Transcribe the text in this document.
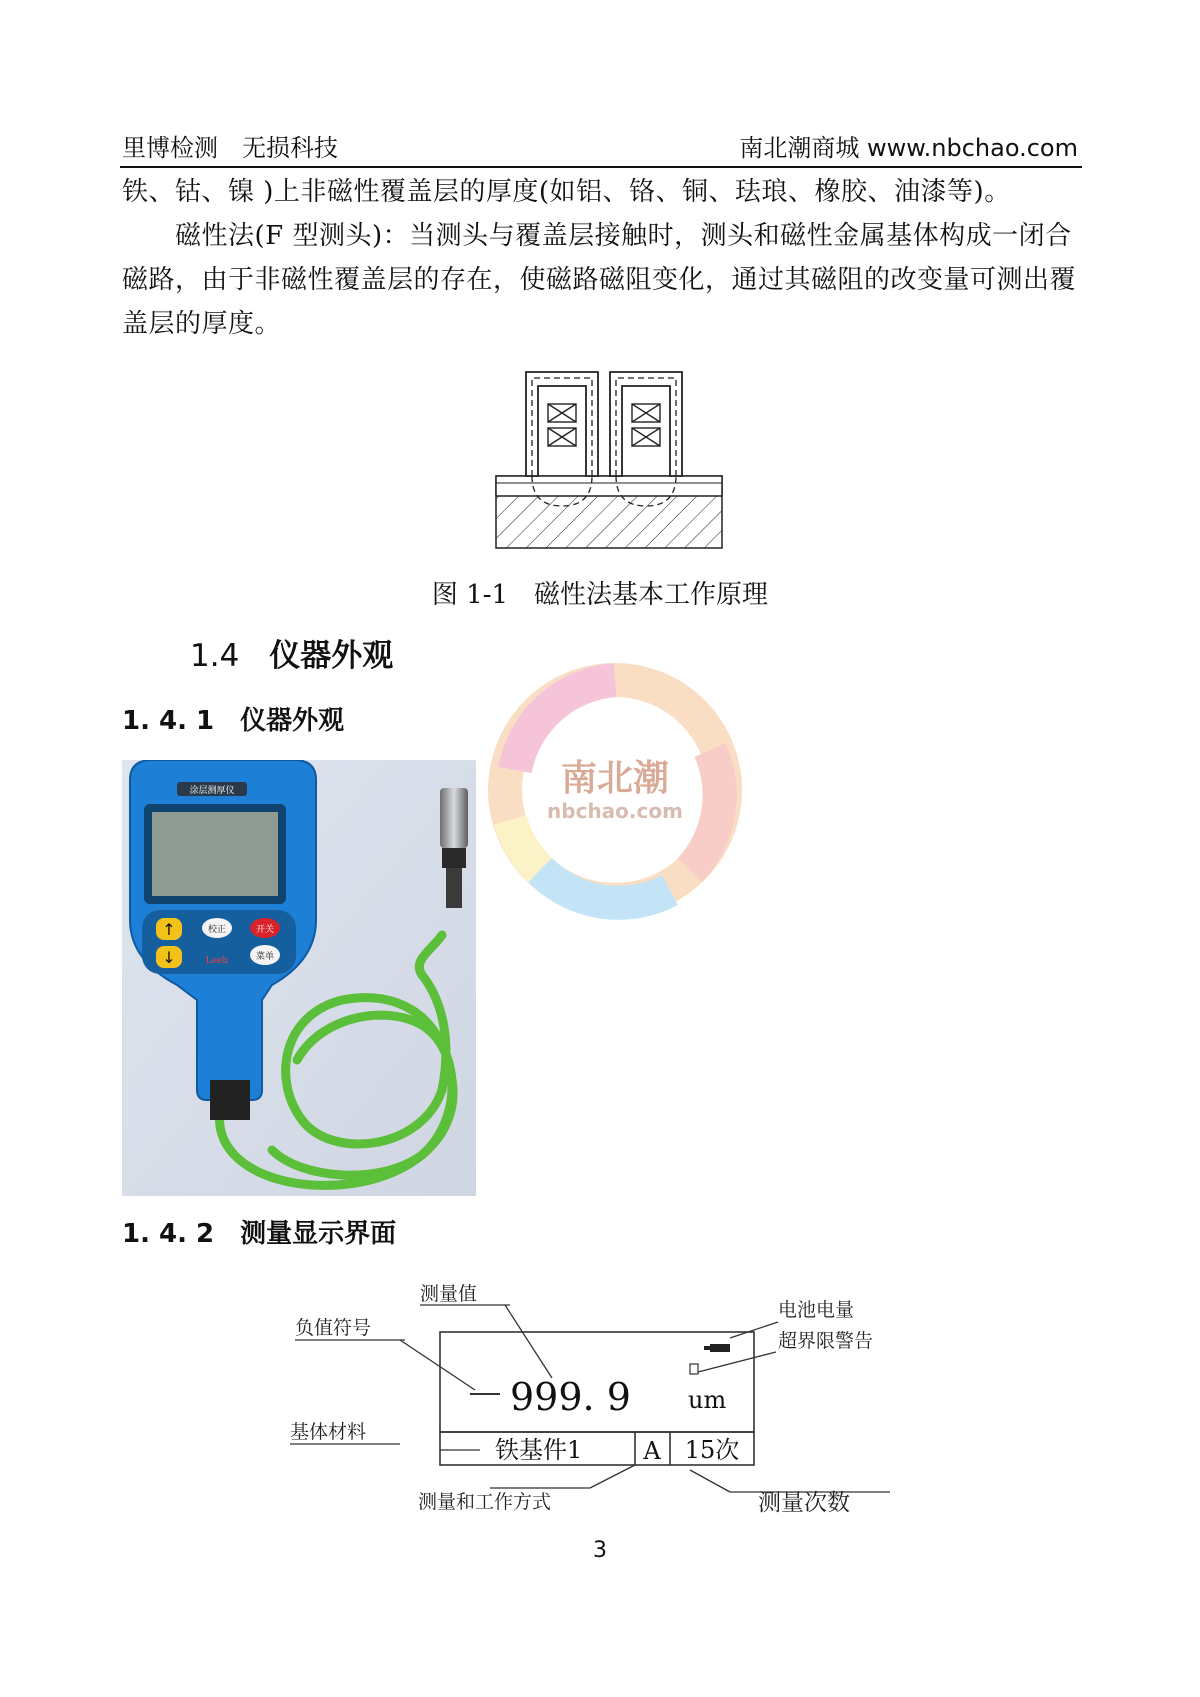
里博检测　无损科技	南北潮商城 www.nbchao.com
铁、钴、镍 )上非磁性覆盖层的厚度(如铝、铬、铜、珐琅、橡胶、油漆等)。
　　磁性法(F 型测头)：当测头与覆盖层接触时，测头和磁性金属基体构成一闭合磁路，由于非磁性覆盖层的存在，使磁路磁阻变化，通过其磁阻的改变量可测出覆盖层的厚度。
图 1-1　磁性法基本工作原理
1.4 仪器外观
1. 4. 1 仪器外观
南北潮
nbchao.com
涂层测厚仪
↑
↓
校正	开关
菜单
Leeb
1. 4. 2 测量显示界面
999. 9 um
铁基件1	A 15次
测量值
负值符号
电池电量
超界限警告
基体材料
测量和工作方式	测量次数
3
